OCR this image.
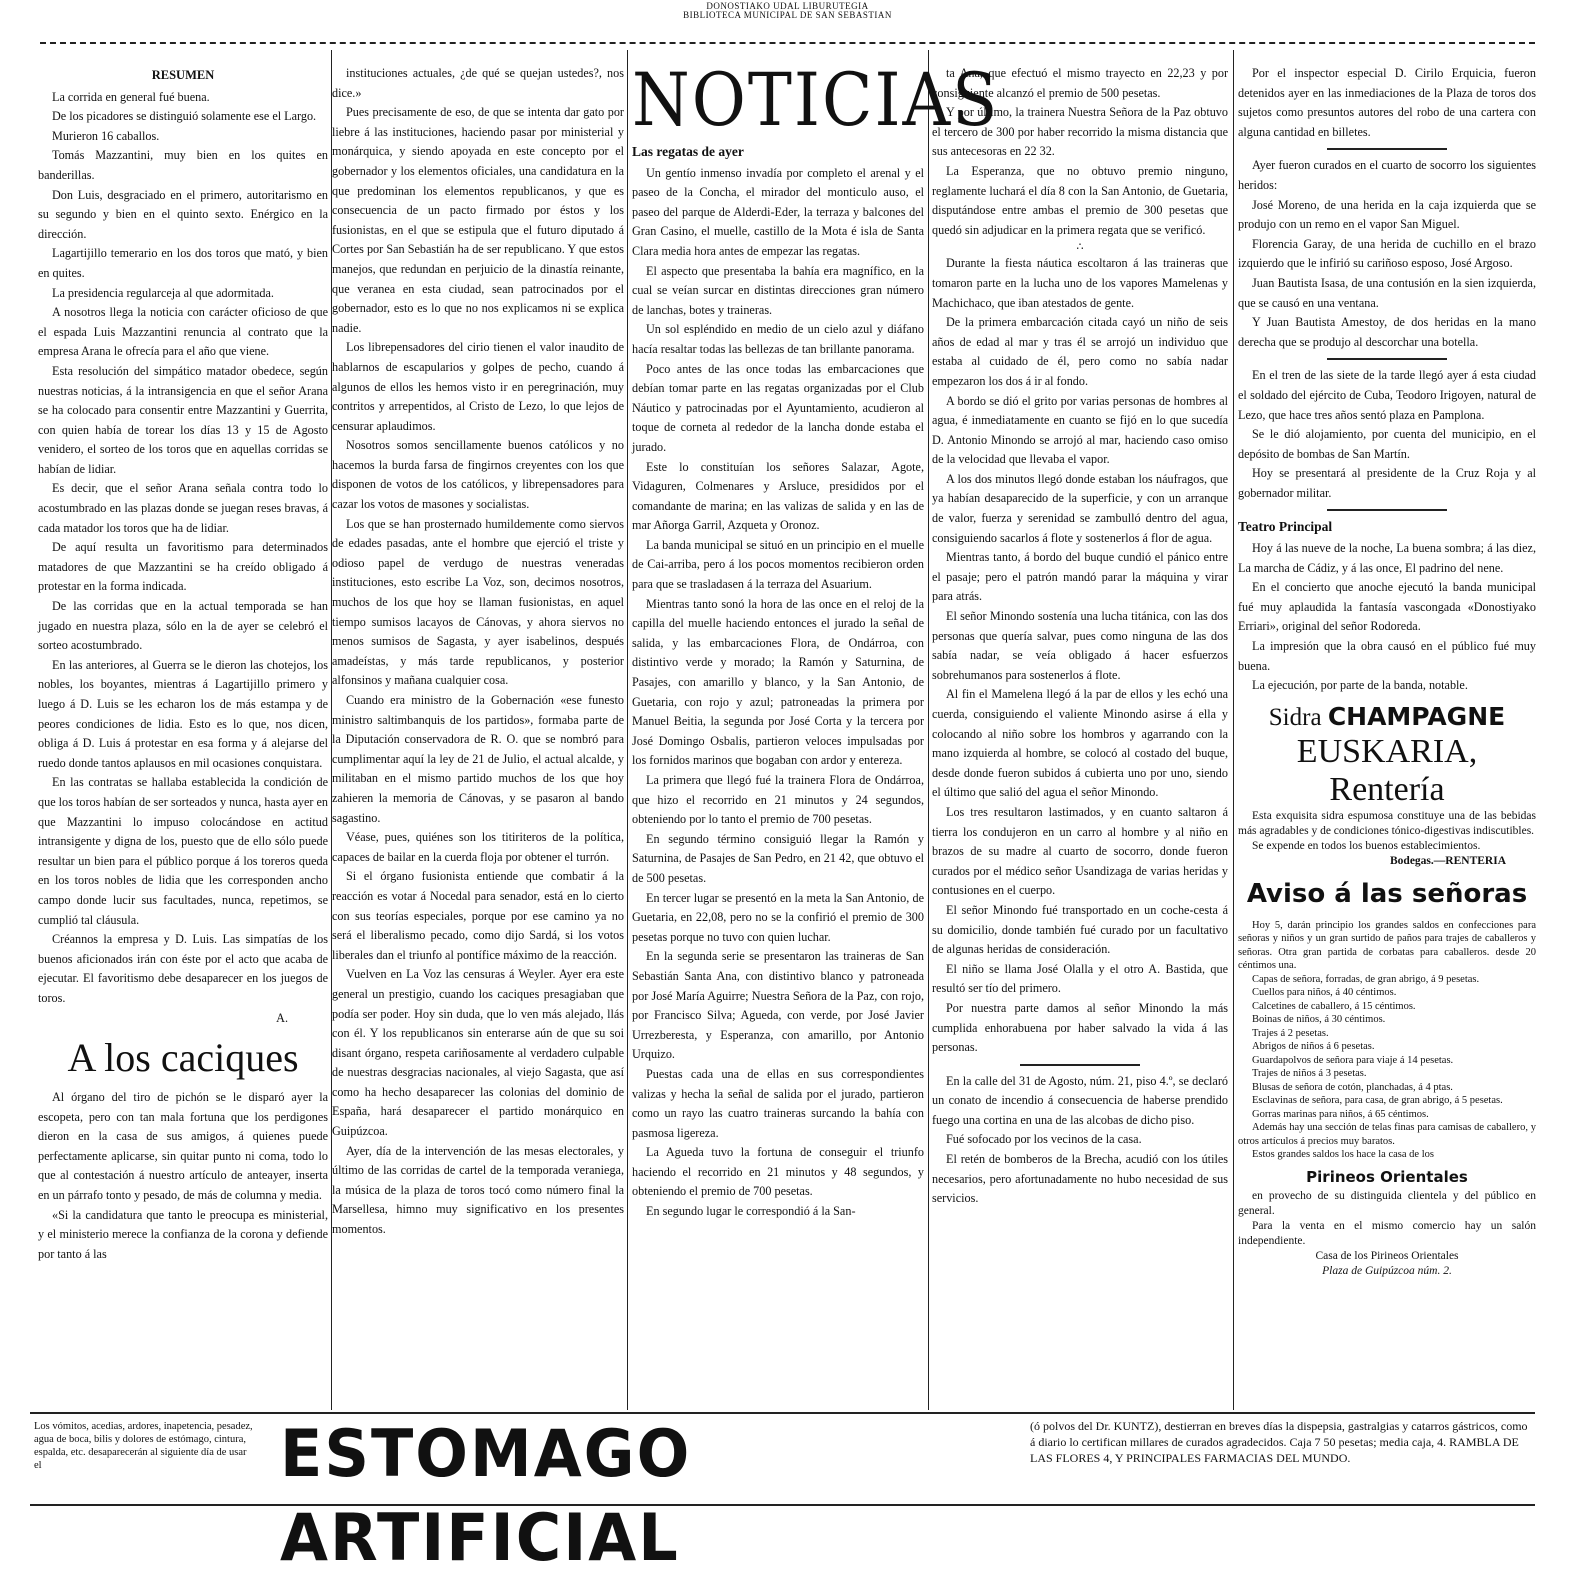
DONOSTIAKO UDAL LIBURUTEGIA
BIBLIOTECA MUNICIPAL DE SAN SEBASTIAN
RESUMEN

La corrida en general fué buena.

De los picadores se distinguió solamente ese el Largo.

Murieron 16 caballos.

Tomás Mazzantini, muy bien en los quites en banderillas.

Don Luis, desgraciado en el primero, autoritarismo en su segundo y bien en el quinto sexto. Enérgico en la dirección.

Lagartijillo temerario en los dos toros que mató, y bien en quites.

La presidencia regularceja al que adormitada.

A nosotros llega la noticia con carácter oficioso de que el espada Luis Mazzantini renuncia al contrato que la empresa Arana le ofrecía para el año que viene.

Esta resolución del simpático matador obedece, según nuestras noticias, á la intransigencia en que el señor Arana se ha colocado para consentir entre Mazzantini y Guerrita, con quien había de torear los días 13 y 15 de Agosto venidero, el sorteo de los toros que en aquellas corridas se habían de lidiar.

Es decir, que el señor Arana señala contra todo lo acostumbrado en las plazas donde se juegan reses bravas, á cada matador los toros que ha de lidiar.

De aquí resulta un favoritismo para determinados matadores de que Mazzantini se ha creído obligado á protestar en la forma indicada.

De las corridas que en la actual temporada se han jugado en nuestra plaza, sólo en la de ayer se celebró el sorteo acostumbrado.

En las anteriores, al Guerra se le dieron las chotejos, los nobles, los boyantes, mientras á Lagartijillo primero y luego á D. Luis se les echaron los de más estampa y de peores condiciones de lidia. Esto es lo que, nos dicen, obliga á D. Luis á protestar en esa forma y á alejarse del ruedo donde tantos aplausos en mil ocasiones conquistara.

En las contratas se hallaba establecida la condición de que los toros habían de ser sorteados y nunca, hasta ayer en que Mazzantini lo impuso colocándose en actitud intransigente y digna de los, puesto que de ello sólo puede resultar un bien para el público porque á los toreros queda en los toros nobles de lidia que les corresponden ancho campo donde lucir sus facultades, nunca, repetimos, se cumplió tal cláusula.

Créannos la empresa y D. Luis. Las simpatías de los buenos aficionados irán con éste por el acto que acaba de ejecutar. El favoritismo debe desaparecer en los juegos de toros.

A.
A los caciques

Al órgano del tiro de pichón se le disparó ayer la escopeta, pero con tan mala fortuna que los perdigones dieron en la casa de sus amigos, á quienes puede perfectamente aplicarse, sin quitar punto ni coma, todo lo que al contestación á nuestro artículo de anteayer, inserta en un párrafo tonto y pesado, de más de columna y media.

«Si la candidatura que tanto le preocupa es ministerial, y el ministerio merece la confianza de la corona y defiende por tanto á las

instituciones actuales, ¿de qué se quejan ustedes?, nos dice.»

Pues precisamente de eso, de que se intenta dar gato por liebre á las instituciones, haciendo pasar por ministerial y monárquica, y siendo apoyada en este concepto por el gobernador y los elementos oficiales, una candidatura en la que predominan los elementos republicanos, y que es consecuencia de un pacto firmado por éstos y los fusionistas, en el que se estipula que el futuro diputado á Cortes por San Sebastián ha de ser republicano. Y que estos manejos, que redundan en perjuicio de la dinastía reinante, que veranea en esta ciudad, sean patrocinados por el gobernador, esto es lo que no nos explicamos ni se explica nadie.

Los librepensadores del cirio tienen el valor inaudito de hablarnos de escapularios y golpes de pecho, cuando á algunos de ellos les hemos visto ir en peregrinación, muy contritos y arrepentidos, al Cristo de Lezo, lo que lejos de censurar aplaudimos.

Nosotros somos sencillamente buenos católicos y no hacemos la burda farsa de fingirnos creyentes con los que disponen de votos de los católicos, y librepensadores para cazar los votos de masones y socialistas.

Los que se han prosternado humildemente como siervos de edades pasadas, ante el hombre que ejerció el triste y odioso papel de verdugo de nuestras veneradas instituciones, esto escribe La Voz, son, decimos nosotros, muchos de los que hoy se llaman fusionistas, en aquel tiempo sumisos lacayos de Cánovas, y ahora siervos no menos sumisos de Sagasta, y ayer isabelinos, después amadeístas, y más tarde republicanos, y posterior alfonsinos y mañana cualquier cosa.

Cuando era ministro de la Gobernación «ese funesto ministro saltimbanquis de los partidos», formaba parte de la Diputación conservadora de R. O. que se nombró para cumplimentar aquí la ley de 21 de Julio, el actual alcalde, y militaban en el mismo partido muchos de los que hoy zahieren la memoria de Cánovas, y se pasaron al bando sagastino.

Véase, pues, quiénes son los titiriteros de la política, capaces de bailar en la cuerda floja por obtener el turrón.

Si el órgano fusionista entiende que combatir á la reacción es votar á Nocedal para senador, está en lo cierto con sus teorías especiales, porque por ese camino ya no será el liberalismo pecado, como dijo Sardá, si los votos liberales dan el triunfo al pontífice máximo de la reacción.

Vuelven en La Voz las censuras á Weyler. Ayer era este general un prestigio, cuando los caciques presagiaban que podía ser poder. Hoy sin duda, que lo ven más alejado, llás con él. Y los republicanos sin enterarse aún de que su soi disant órgano, respeta cariñosamente al verdadero culpable de nuestras desgracias nacionales, al viejo Sagasta, que así como ha hecho desaparecer las colonias del dominio de España, hará desaparecer el partido monárquico en Guipúzcoa.

Ayer, día de la intervención de las mesas electorales, y último de las corridas de cartel de la temporada veraniega, la música de la plaza de toros tocó como número final la Marsellesa, himno muy significativo en los presentes momentos.

NOTICIAS
Las regatas de ayer

Un gentío inmenso invadía por completo el arenal y el paseo de la Concha, el mirador del monticulo auso, el paseo del parque de Alderdi-Eder, la terraza y balcones del Gran Casino, el muelle, castillo de la Mota é isla de Santa Clara media hora antes de empezar las regatas.

El aspecto que presentaba la bahía era magnífico, en la cual se veían surcar en distintas direcciones gran número de lanchas, botes y traineras.

Un sol espléndido en medio de un cielo azul y diáfano hacía resaltar todas las bellezas de tan brillante panorama.

Poco antes de las once todas las embarcaciones que debían tomar parte en las regatas organizadas por el Club Náutico y patrocinadas por el Ayuntamiento, acudieron al toque de corneta al rededor de la lancha donde estaba el jurado.

Este lo constituían los señores Salazar, Agote, Vidaguren, Colmenares y Arsluce, presididos por el comandante de marina; en las valizas de salida y en las de mar Añorga Garril, Azqueta y Oronoz.

La banda municipal se situó en un principio en el muelle de Cai-arriba, pero á los pocos momentos recibieron orden para que se trasladasen á la terraza del Asuarium.

Mientras tanto sonó la hora de las once en el reloj de la capilla del muelle haciendo entonces el jurado la señal de salida, y las embarcaciones Flora, de Ondárroa, con distintivo verde y morado; la Ramón y Saturnina, de Pasajes, con amarillo y blanco, y la San Antonio, de Guetaria, con rojo y azul; patroneadas la primera por Manuel Beitia, la segunda por José Corta y la tercera por José Domingo Osbalis, partieron veloces impulsadas por los fornidos marinos que bogaban con ardor y entereza.

La primera que llegó fué la trainera Flora de Ondárroa, que hizo el recorrido en 21 minutos y 24 segundos, obteniendo por lo tanto el premio de 700 pesetas.

En segundo término consiguió llegar la Ramón y Saturnina, de Pasajes de San Pedro, en 21 42, que obtuvo el de 500 pesetas.

En tercer lugar se presentó en la meta la San Antonio, de Guetaria, en 22,08, pero no se la confirió el premio de 300 pesetas porque no tuvo con quien luchar.

En la segunda serie se presentaron las traineras de San Sebastián Santa Ana, con distintivo blanco y patroneada por José María Aguirre; Nuestra Señora de la Paz, con rojo, por Francisco Silva; Agueda, con verde, por José Javier Urrezberesta, y Esperanza, con amarillo, por Antonio Urquizo.

Puestas cada una de ellas en sus correspondientes valizas y hecha la señal de salida por el jurado, partieron como un rayo las cuatro traineras surcando la bahía con pasmosa ligereza.

La Agueda tuvo la fortuna de conseguir el triunfo haciendo el recorrido en 21 minutos y 48 segundos, y obteniendo el premio de 700 pesetas.

En segundo lugar le correspondió á la San-

ta Ana, que efectuó el mismo trayecto en 22,23 y por consiguiente alcanzó el premio de 500 pesetas.

Y por último, la trainera Nuestra Señora de la Paz obtuvo el tercero de 300 por haber recorrido la misma distancia que sus antecesoras en 22 32.

La Esperanza, que no obtuvo premio ninguno, reglamente luchará el día 8 con la San Antonio, de Guetaria, disputándose entre ambas el premio de 300 pesetas que quedó sin adjudicar en la primera regata que se verificó.

∴

Durante la fiesta náutica escoltaron á las traineras que tomaron parte en la lucha uno de los vapores Mamelenas y Machichaco, que iban atestados de gente.

De la primera embarcación citada cayó un niño de seis años de edad al mar y tras él se arrojó un individuo que estaba al cuidado de él, pero como no sabía nadar empezaron los dos á ir al fondo.

A bordo se dió el grito por varias personas de hombres al agua, é inmediatamente en cuanto se fijó en lo que sucedía D. Antonio Minondo se arrojó al mar, haciendo caso omiso de la velocidad que llevaba el vapor.

A los dos minutos llegó donde estaban los náufragos, que ya habían desaparecido de la superficie, y con un arranque de valor, fuerza y serenidad se zambulló dentro del agua, consiguiendo sacarlos á flote y sostenerlos á flor de agua.

Mientras tanto, á bordo del buque cundió el pánico entre el pasaje; pero el patrón mandó parar la máquina y virar para atrás.

El señor Minondo sostenía una lucha titánica, con las dos personas que quería salvar, pues como ninguna de las dos sabía nadar, se veía obligado á hacer esfuerzos sobrehumanos para sostenerlos á flote.

Al fin el Mamelena llegó á la par de ellos y les echó una cuerda, consiguiendo el valiente Minondo asirse á ella y colocando al niño sobre los hombros y agarrando con la mano izquierda al hombre, se colocó al costado del buque, desde donde fueron subidos á cubierta uno por uno, siendo el último que salió del agua el señor Minondo.

Los tres resultaron lastimados, y en cuanto saltaron á tierra los condujeron en un carro al hombre y al niño en brazos de su madre al cuarto de socorro, donde fueron curados por el médico señor Usandizaga de varias heridas y contusiones en el cuerpo.

El señor Minondo fué transportado en un coche-cesta á su domicilio, donde también fué curado por un facultativo de algunas heridas de consideración.

El niño se llama José Olalla y el otro A. Bastida, que resultó ser tío del primero.

Por nuestra parte damos al señor Minondo la más cumplida enhorabuena por haber salvado la vida á las personas.

En la calle del 31 de Agosto, núm. 21, piso 4.º, se declaró un conato de incendio á consecuencia de haberse prendido fuego una cortina en una de las alcobas de dicho piso.

Fué sofocado por los vecinos de la casa.

El retén de bomberos de la Brecha, acudió con los útiles necesarios, pero afortunadamente no hubo necesidad de sus servicios.

Por el inspector especial D. Cirilo Erquicia, fueron detenidos ayer en las inmediaciones de la Plaza de toros dos sujetos como presuntos autores del robo de una cartera con alguna cantidad en billetes.

Ayer fueron curados en el cuarto de socorro los siguientes heridos:

José Moreno, de una herida en la caja izquierda que se produjo con un remo en el vapor San Miguel.

Florencia Garay, de una herida de cuchillo en el brazo izquierdo que le infirió su cariñoso esposo, José Argoso.

Juan Bautista Isasa, de una contusión en la sien izquierda, que se causó en una ventana.

Y Juan Bautista Amestoy, de dos heridas en la mano derecha que se produjo al descorchar una botella.

En el tren de las siete de la tarde llegó ayer á esta ciudad el soldado del ejército de Cuba, Teodoro Irigoyen, natural de Lezo, que hace tres años sentó plaza en Pamplona.

Se le dió alojamiento, por cuenta del municipio, en el depósito de bombas de San Martín.

Hoy se presentará al presidente de la Cruz Roja y al gobernador militar.

Teatro Principal

Hoy á las nueve de la noche, La buena sombra; á las diez, La marcha de Cádiz, y á las once, El padrino del nene.

En el concierto que anoche ejecutó la banda municipal fué muy aplaudida la fantasía vascongada «Donostiyako Erriari», original del señor Rodoreda.

La impresión que la obra causó en el público fué muy buena.

La ejecución, por parte de la banda, notable.

Sidra CHAMPAGNE
EUSKARIA, Rentería

Esta exquisita sidra espumosa constituye una de las bebidas más agradables y de condiciones tónico-digestivas indiscutibles.

Se expende en todos los buenos establecimientos.

Bodegas.—RENTERIA
Aviso á las señoras

Hoy 5, darán principio los grandes saldos en confecciones para señoras y niños y un gran surtido de paños para trajes de caballeros y señoras. Otra gran partida de corbatas para caballeros. desde 20 céntimos una.

Capas de señora, forradas, de gran abrigo, á 9 pesetas.

Cuellos para niños, á 40 céntimos.

Calcetines de caballero, á 15 céntimos.

Boinas de niños, á 30 céntimos.

Trajes á 2 pesetas.

Abrigos de niños á 6 pesetas.

Guardapolvos de señora para viaje á 14 pesetas.

Trajes de niños á 3 pesetas.

Blusas de señora de cotón, planchadas, á 4 ptas.

Esclavinas de señora, para casa, de gran abrigo, á 5 pesetas.

Gorras marinas para niños, á 65 céntimos.

Además hay una sección de telas finas para camisas de caballero, y otros artículos á precios muy baratos.

Estos grandes saldos los hace la casa de los

Pirineos Orientales

en provecho de su distinguida clientela y del público en general.

Para la venta en el mismo comercio hay un salón independiente.

Casa de los Pirineos Orientales
Plaza de Guipúzcoa núm. 2.
Los vómitos, acedias, ardores, inapetencia, pesadez, agua de boca, bilis y dolores de estómago, cintura, espalda, etc. desaparecerán al siguiente día de usar el	ESTOMAGO ARTIFICIAL
(ó polvos del Dr. KUNTZ), destierran en breves días la dispepsia, gastralgias y catarros gástricos, como á diario lo certifican millares de curados agradecidos. Caja 7 50 pesetas; media caja, 4. RAMBLA DE LAS FLORES 4, Y PRINCIPALES FARMACIAS DEL MUNDO.
